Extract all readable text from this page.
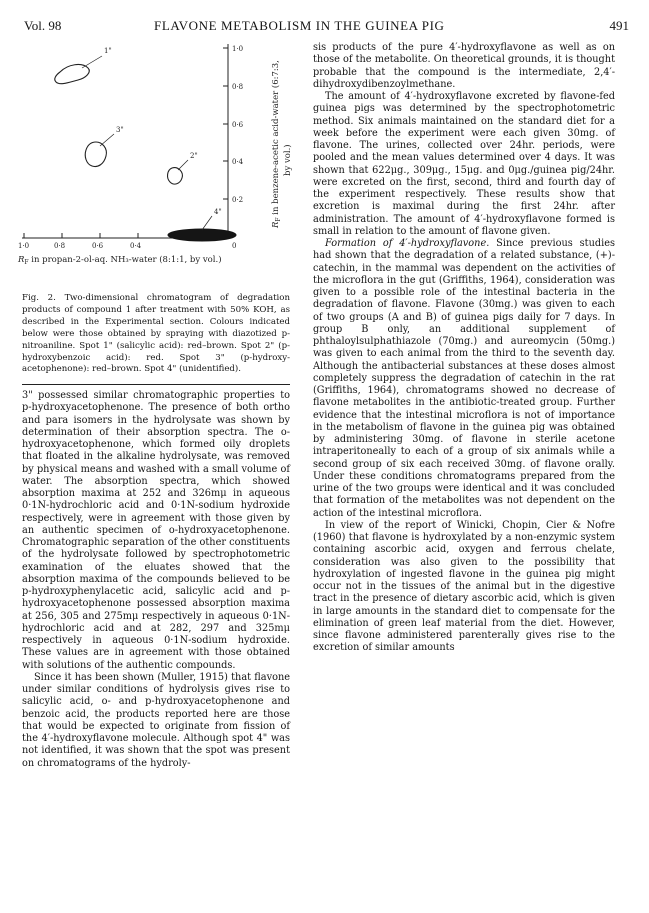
Vol. 98	FLAVONE METABOLISM IN THE GUINEA PIG	491
1·0
0·8
0·6
0·4
0·2
0
1·0	0·8	0·6	0·4
1"
3"
2"
4"
$R_F$ in benzene-acetic acid-water (6:7:3, by vol.)
$R_F$ in propan-2-ol-aq. NH₃-water (8:1:1, by vol.)

Fig. 2. Two-dimensional chromatogram of degradation products of compound 1 after treatment with 50% KOH, as described in the Experimental section. Colours indicated below were those obtained by spraying with diazotized p-nitroaniline. Spot 1" (salicylic acid): red–brown. Spot 2" (p-hydroxybenzoic acid): red. Spot 3" (p-hydroxy-acetophenone): red–brown. Spot 4" (unidentified).

3" possessed similar chromatographic properties to p-hydroxyacetophenone. The presence of both ortho and para isomers in the hydrolysate was shown by determination of their absorption spectra. The o-hydroxyacetophenone, which formed oily droplets that floated in the alkaline hydrolysate, was removed by physical means and washed with a small volume of water. The absorption spectra, which showed absorption maxima at 252 and 326mμ in aqueous 0·1N-hydrochloric acid and 0·1N-sodium hydroxide respectively, were in agreement with those given by an authentic specimen of o-hydroxyacetophenone. Chromatographic separation of the other constituents of the hydrolysate followed by spectrophotometric examination of the eluates showed that the absorption maxima of the compounds believed to be p-hydroxyphenylacetic acid, salicylic acid and p-hydroxyacetophenone possessed absorption maxima at 256, 305 and 275mμ respectively in aqueous 0·1N-hydrochloric acid and at 282, 297 and 325mμ respectively in aqueous 0·1N-sodium hydroxide. These values are in agreement with those obtained with solutions of the authentic compounds.

Since it has been shown (Muller, 1915) that flavone under similar conditions of hydrolysis gives rise to salicylic acid, o- and p-hydroxyacetophenone and benzoic acid, the products reported here are those that would be expected to originate from fission of the 4′-hydroxyflavone molecule. Although spot 4" was not identified, it was shown that the spot was present on chromatograms of the hydroly-

sis products of the pure 4′-hydroxyflavone as well as on those of the metabolite. On theoretical grounds, it is thought probable that the compound is the intermediate, 2,4′-dihydroxydibenzoylmethane.

The amount of 4′-hydroxyflavone excreted by flavone-fed guinea pigs was determined by the spectrophotometric method. Six animals maintained on the standard diet for a week before the experiment were each given 30mg. of flavone. The urines, collected over 24hr. periods, were pooled and the mean values determined over 4 days. It was shown that 622μg., 309μg., 15μg. and 0μg./guinea pig/24hr. were excreted on the first, second, third and fourth day of the experiment respectively. These results show that excretion is maximal during the first 24hr. after administration. The amount of 4′-hydroxyflavone formed is small in relation to the amount of flavone given.

Formation of 4′-hydroxyflavone. Since previous studies had shown that the degradation of a related substance, (+)-catechin, in the mammal was dependent on the activities of the microflora in the gut (Griffiths, 1964), consideration was given to a possible role of the intestinal bacteria in the degradation of flavone. Flavone (30mg.) was given to each of two groups (A and B) of guinea pigs daily for 7 days. In group B only, an additional supplement of phthaloylsulphathiazole (70mg.) and aureomycin (50mg.) was given to each animal from the third to the seventh day. Although the antibacterial substances at these doses almost completely suppress the degradation of catechin in the rat (Griffiths, 1964), chromatograms showed no decrease of flavone metabolites in the antibiotic-treated group. Further evidence that the intestinal microflora is not of importance in the metabolism of flavone in the guinea pig was obtained by administering 30mg. of flavone in sterile acetone intraperitoneally to each of a group of six animals while a second group of six each received 30mg. of flavone orally. Under these conditions chromatograms prepared from the urine of the two groups were identical and it was concluded that formation of the metabolites was not dependent on the action of the intestinal microflora.

In view of the report of Winicki, Chopin, Cier & Nofre (1960) that flavone is hydroxylated by a non-enzymic system containing ascorbic acid, oxygen and ferrous chelate, consideration was also given to the possibility that hydroxylation of ingested flavone in the guinea pig might occur not in the tissues of the animal but in the digestive tract in the presence of dietary ascorbic acid, which is given in large amounts in the standard diet to compensate for the elimination of green leaf material from the diet. However, since flavone administered parenterally gives rise to the excretion of similar amounts
